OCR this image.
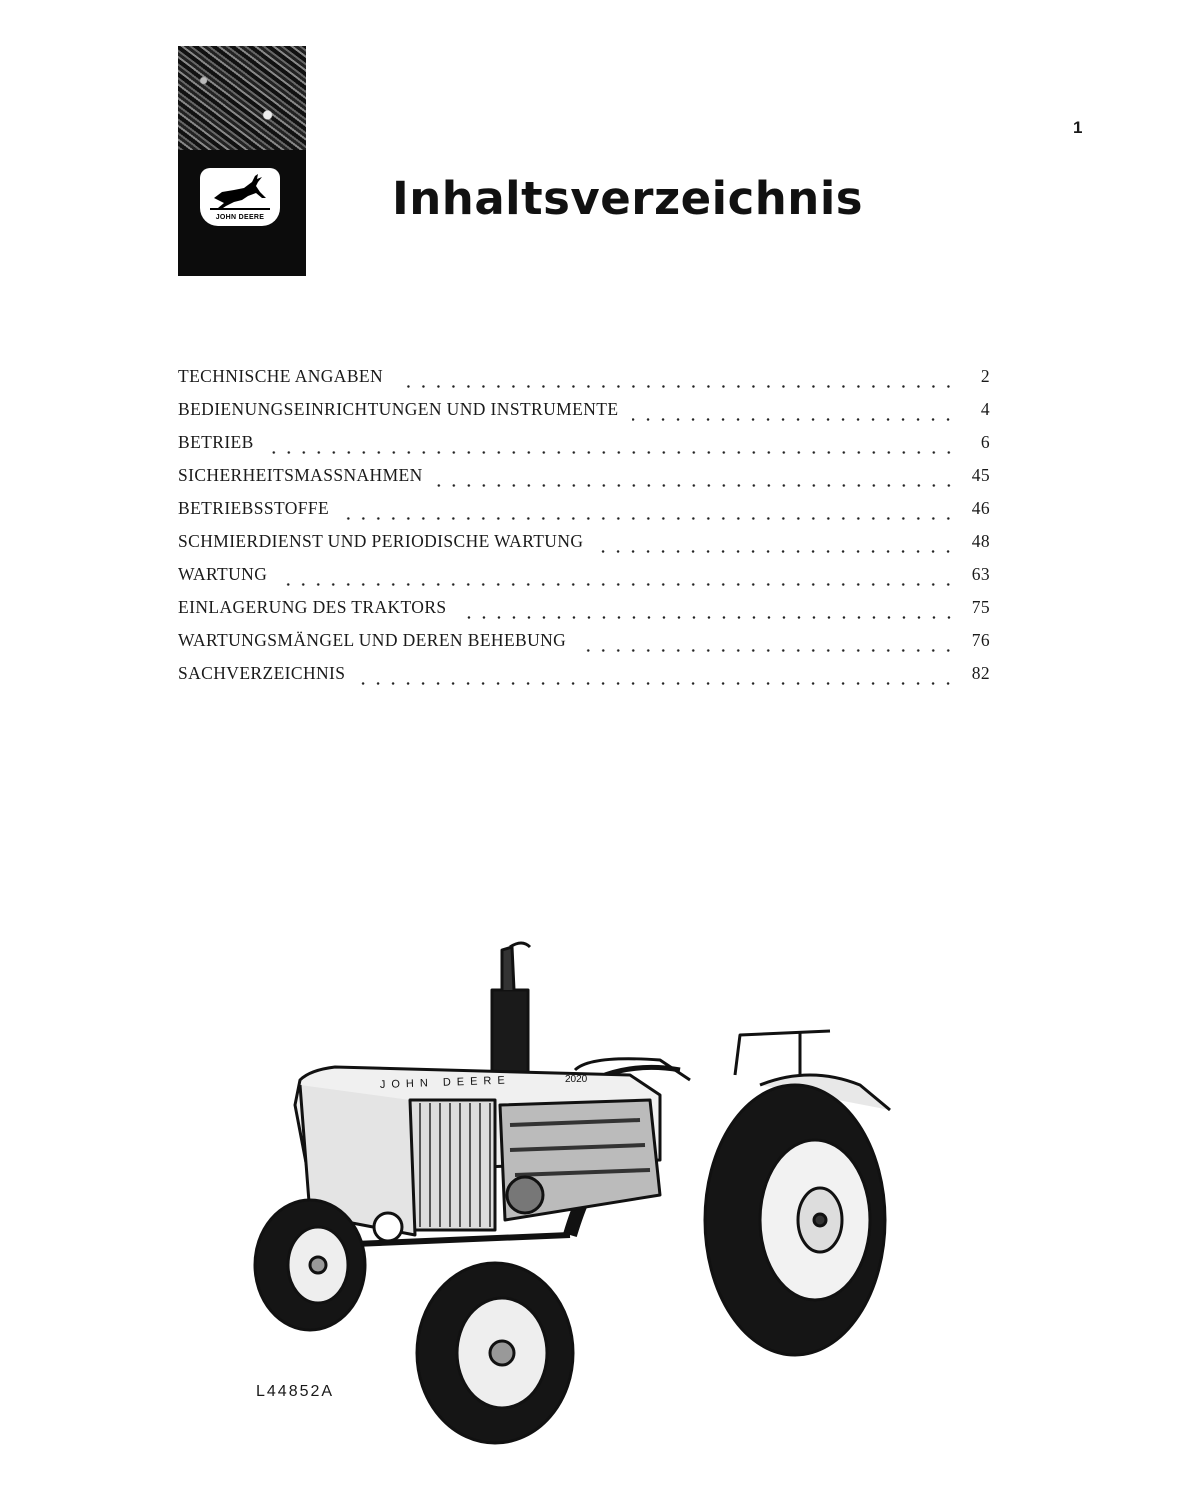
JOHN DEERE
1
Inhaltsverzeichnis
TECHNISCHE ANGABEN	2
BEDIENUNGSEINRICHTUNGEN UND INSTRUMENTE	4
BETRIEB	6
SICHERHEITSMASSNAHMEN	45
BETRIEBSSTOFFE	46
SCHMIERDIENST UND PERIODISCHE WARTUNG	48
WARTUNG	63
EINLAGERUNG DES TRAKTORS	75
WARTUNGSMÄNGEL UND DEREN BEHEBUNG	76
SACHVERZEICHNIS	82
JOHN DEERE	2020
L44852A
